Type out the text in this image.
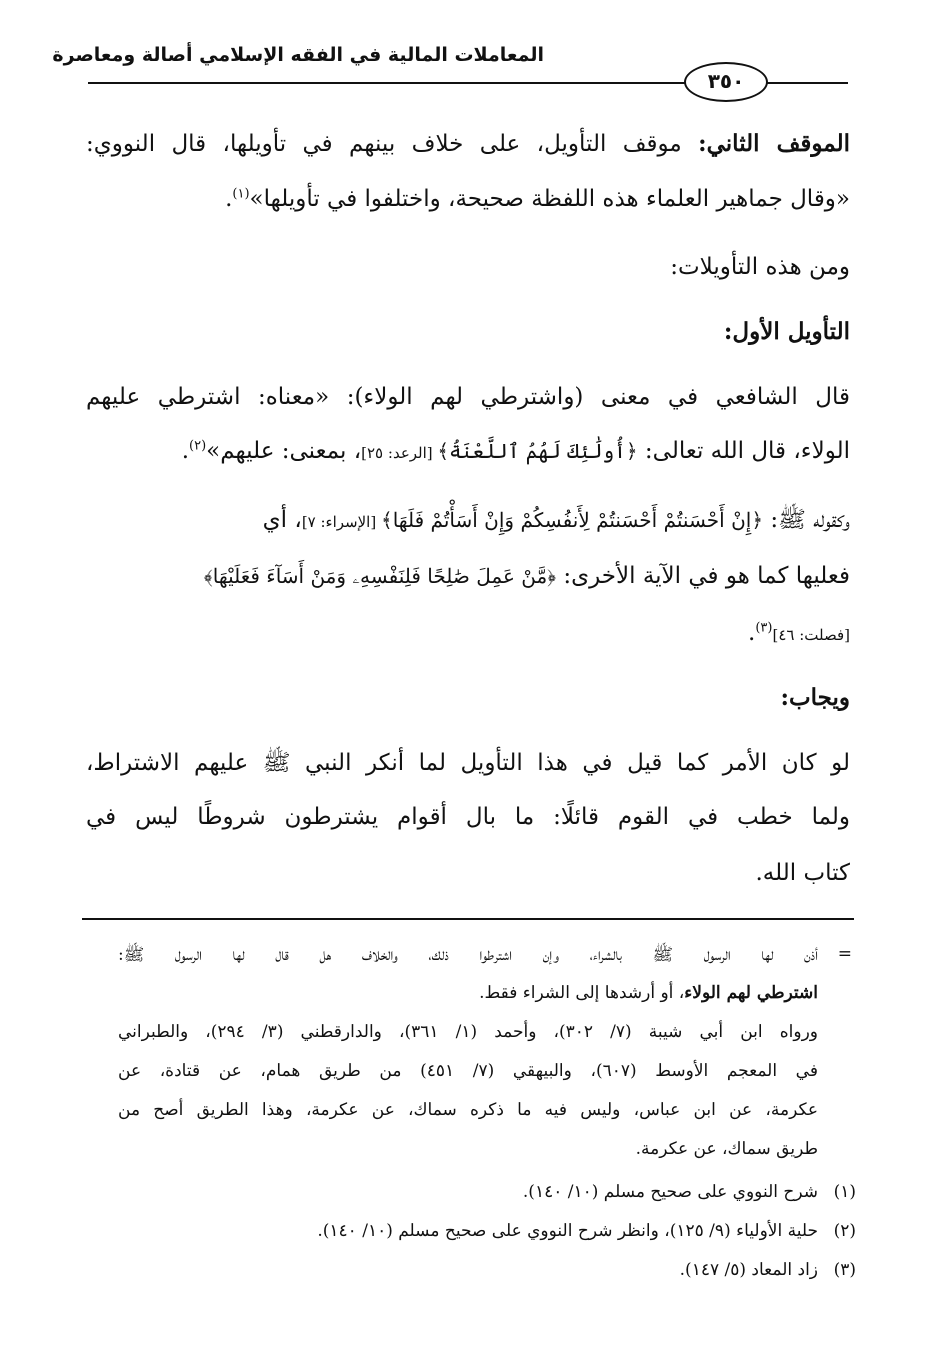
المعاملات المالية في الفقه الإسلامي أصالة ومعاصرة
٣٥٠
الموقف الثاني: موقف التأويل، على خلاف بينهم في تأويلها، قال النووي:
«وقال جماهير العلماء هذه اللفظة صحيحة، واختلفوا في تأويلها»$^{(١)}$.
ومن هذه التأويلات:
التأويل الأول:
قال الشافعي في معنى (واشترطي لهم الولاء): «معناه: اشترطي عليهم
الولاء، قال الله تعالى: ﴿أُولَٰئِكَ لَهُمُ ٱللَّعْنَةُ﴾ [الرعد: ٢٥]، بمعنى: عليهم»$^{(٢)}$.
وكقوله ﷺ: ﴿إِنْ أَحْسَنتُمْ أَحْسَنتُمْ لِأَنفُسِكُمْ وَإِنْ أَسَأْتُمْ فَلَهَا﴾ [الإسراء: ٧]، أي
فعليها كما هو في الآية الأخرى: ﴿مَّنْ عَمِلَ صَٰلِحًا فَلِنَفْسِهِۦ وَمَنْ أَسَآءَ فَعَلَيْهَا﴾
[فصلت: ٤٦]$^{(٣)}$.
ويجاب:
لو كان الأمر كما قيل في هذا التأويل لما أنكر النبي ﷺ عليهم الاشتراط،
ولما خطب في القوم قائلًا: ما بال أقوام يشترطون شروطًا ليس في
كتاب الله.
=
أذن لها الرسول ﷺ بالشراء، وإن اشترطوا ذلك، والخلاف هل قال لها الرسول ﷺ:
اشترطي لهم الولاء، أو أرشدها إلى الشراء فقط.
ورواه ابن أبي شيبة (٧/ ٣٠٢)، وأحمد (١/ ٣٦١)، والدارقطني (٣/ ٢٩٤)، والطبراني
في المعجم الأوسط (٦٠٧)، والبيهقي (٧/ ٤٥١) من طريق همام، عن قتادة، عن
عكرمة، عن ابن عباس، وليس فيه ما ذكره سماك، عن عكرمة، وهذا الطريق أصح من
طريق سماك، عن عكرمة.
(١)
شرح النووي على صحيح مسلم (١٠/ ١٤٠).
(٢)
حلية الأولياء (٩/ ١٢٥)، وانظر شرح النووي على صحيح مسلم (١٠/ ١٤٠).
(٣)
زاد المعاد (٥/ ١٤٧).
